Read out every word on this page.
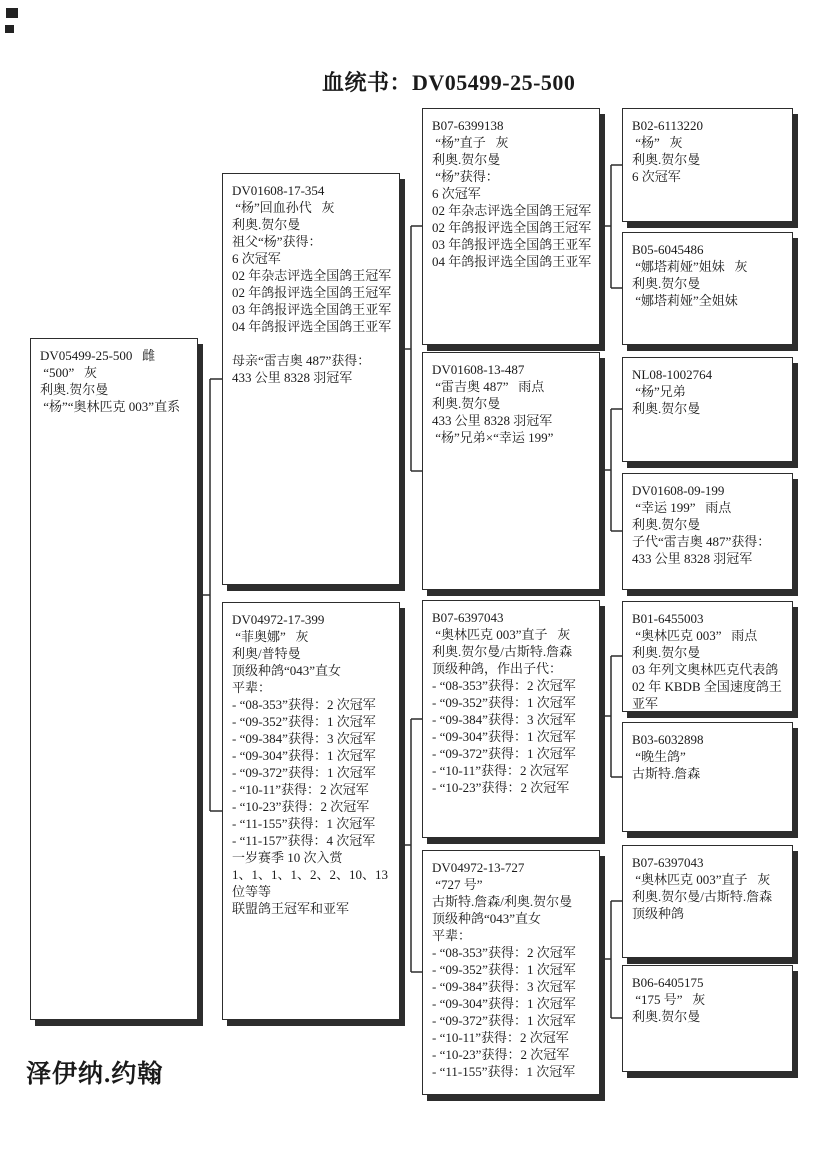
血统书：DV05499-25-500
DV05499-25-500   雌
“500”   灰
利奥.贺尔曼
“杨”“奥林匹克 003”直系
DV01608-17-354
“杨”回血孙代   灰
利奥.贺尔曼
祖父“杨”获得：
6 次冠军
02 年杂志评选全国鸽王冠军
02 年鸽报评选全国鸽王冠军
03 年鸽报评选全国鸽王亚军
04 年鸽报评选全国鸽王亚军
母亲“雷吉奥 487”获得：
433 公里 8328 羽冠军
DV04972-17-399
“菲奥娜”   灰
利奥/普特曼
顶级种鸽“043”直女
平辈：
- “08-353”获得：2 次冠军
- “09-352”获得：1 次冠军
- “09-384”获得：3 次冠军
- “09-304”获得：1 次冠军
- “09-372”获得：1 次冠军
- “10-11”获得：2 次冠军
- “10-23”获得：2 次冠军
- “11-155”获得：1 次冠军
- “11-157”获得：4 次冠军
一岁赛季 10 次入赏
1、1、1、1、2、2、10、13
位等等
联盟鸽王冠军和亚军
B07-6399138
“杨”直子   灰
利奥.贺尔曼
“杨”获得：
6 次冠军
02 年杂志评选全国鸽王冠军
02 年鸽报评选全国鸽王冠军
03 年鸽报评选全国鸽王亚军
04 年鸽报评选全国鸽王亚军
DV01608-13-487
“雷吉奥 487”   雨点
利奥.贺尔曼
433 公里 8328 羽冠军
“杨”兄弟×“幸运 199”
B07-6397043
“奥林匹克 003”直子   灰
利奥.贺尔曼/古斯特.詹森
顶级种鸽，作出子代：
- “08-353”获得：2 次冠军
- “09-352”获得：1 次冠军
- “09-384”获得：3 次冠军
- “09-304”获得：1 次冠军
- “09-372”获得：1 次冠军
- “10-11”获得：2 次冠军
- “10-23”获得：2 次冠军
DV04972-13-727
“727 号”
古斯特.詹森/利奥.贺尔曼
顶级种鸽“043”直女
平辈：
- “08-353”获得：2 次冠军
- “09-352”获得：1 次冠军
- “09-384”获得：3 次冠军
- “09-304”获得：1 次冠军
- “09-372”获得：1 次冠军
- “10-11”获得：2 次冠军
- “10-23”获得：2 次冠军
- “11-155”获得：1 次冠军
B02-6113220
“杨”   灰
利奥.贺尔曼
6 次冠军
B05-6045486
“娜塔莉娅”姐妹   灰
利奥.贺尔曼
“娜塔莉娅”全姐妹
NL08-1002764
“杨”兄弟
利奥.贺尔曼
DV01608-09-199
“幸运 199”   雨点
利奥.贺尔曼
子代“雷吉奥 487”获得：
433 公里 8328 羽冠军
B01-6455003
“奥林匹克 003”   雨点
利奥.贺尔曼
03 年列文奥林匹克代表鸽
02 年 KBDB 全国速度鸽王亚军
B03-6032898
“晚生鸽”
古斯特.詹森
B07-6397043
“奥林匹克 003”直子   灰
利奥.贺尔曼/古斯特.詹森
顶级种鸽
B06-6405175
“175 号”   灰
利奥.贺尔曼
泽伊纳.约翰
